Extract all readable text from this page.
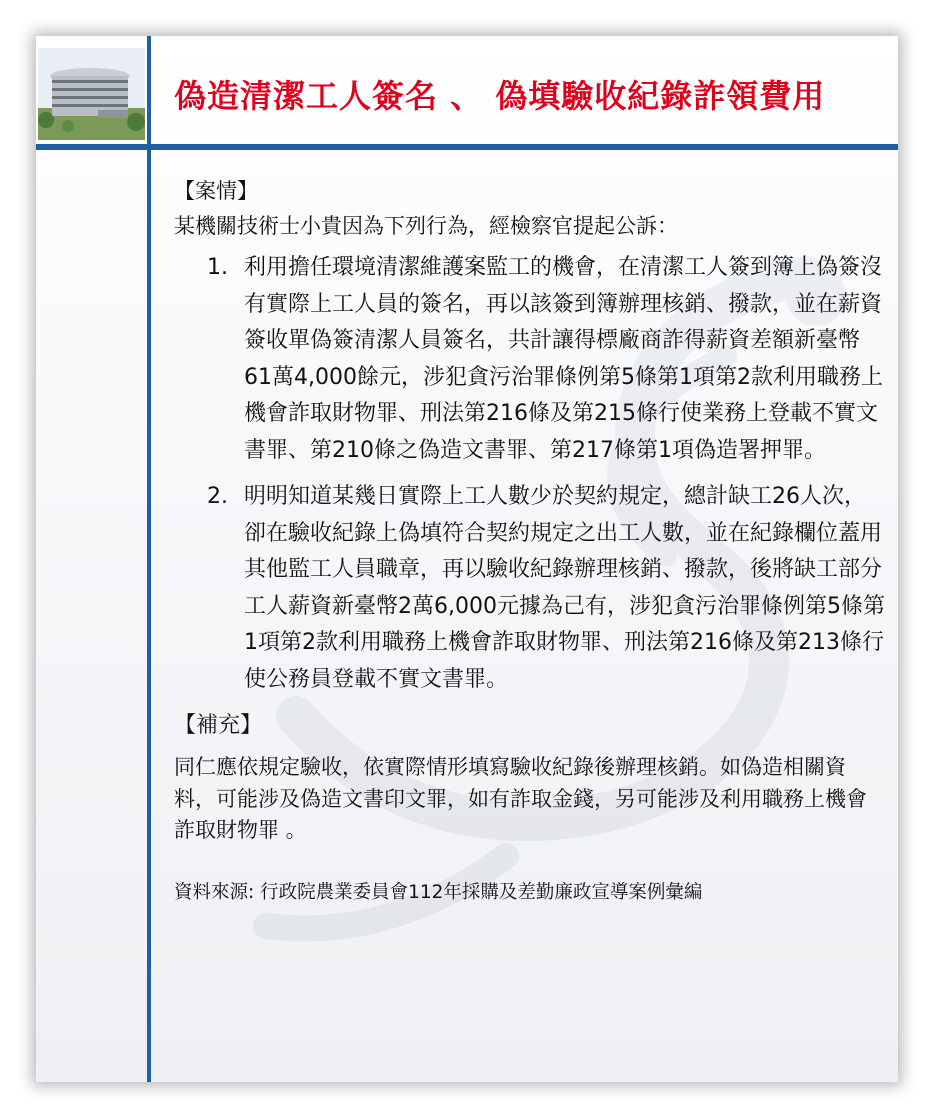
偽造清潔工人簽名 、 偽填驗收紀錄詐領費用

【案情】

某機關技術士小貴因為下列行為，經檢察官提起公訴：

1. 利用擔任環境清潔維護案監工的機會，在清潔工人簽到簿上偽簽沒有實際上工人員的簽名，再以該簽到簿辦理核銷、撥款，並在薪資簽收單偽簽清潔人員簽名，共計讓得標廠商詐得薪資差額新臺幣61萬4,000餘元，涉犯貪污治罪條例第5條第1項第2款利用職務上機會詐取財物罪、刑法第216條及第215條行使業務上登載不實文書罪、第210條之偽造文書罪、第217條第1項偽造署押罪。
2. 明明知道某幾日實際上工人數少於契約規定，總計缺工26人次，卻在驗收紀錄上偽填符合契約規定之出工人數，並在紀錄欄位蓋用其他監工人員職章，再以驗收紀錄辦理核銷、撥款，後將缺工部分工人薪資新臺幣2萬6,000元據為己有，涉犯貪污治罪條例第5條第1項第2款利用職務上機會詐取財物罪、刑法第216條及第213條行使公務員登載不實文書罪。

【補充】

同仁應依規定驗收，依實際情形填寫驗收紀錄後辦理核銷。如偽造相關資料，可能涉及偽造文書印文罪，如有詐取金錢，另可能涉及利用職務上機會詐取財物罪 。

資料來源: 行政院農業委員會112年採購及差勤廉政宣導案例彙編
